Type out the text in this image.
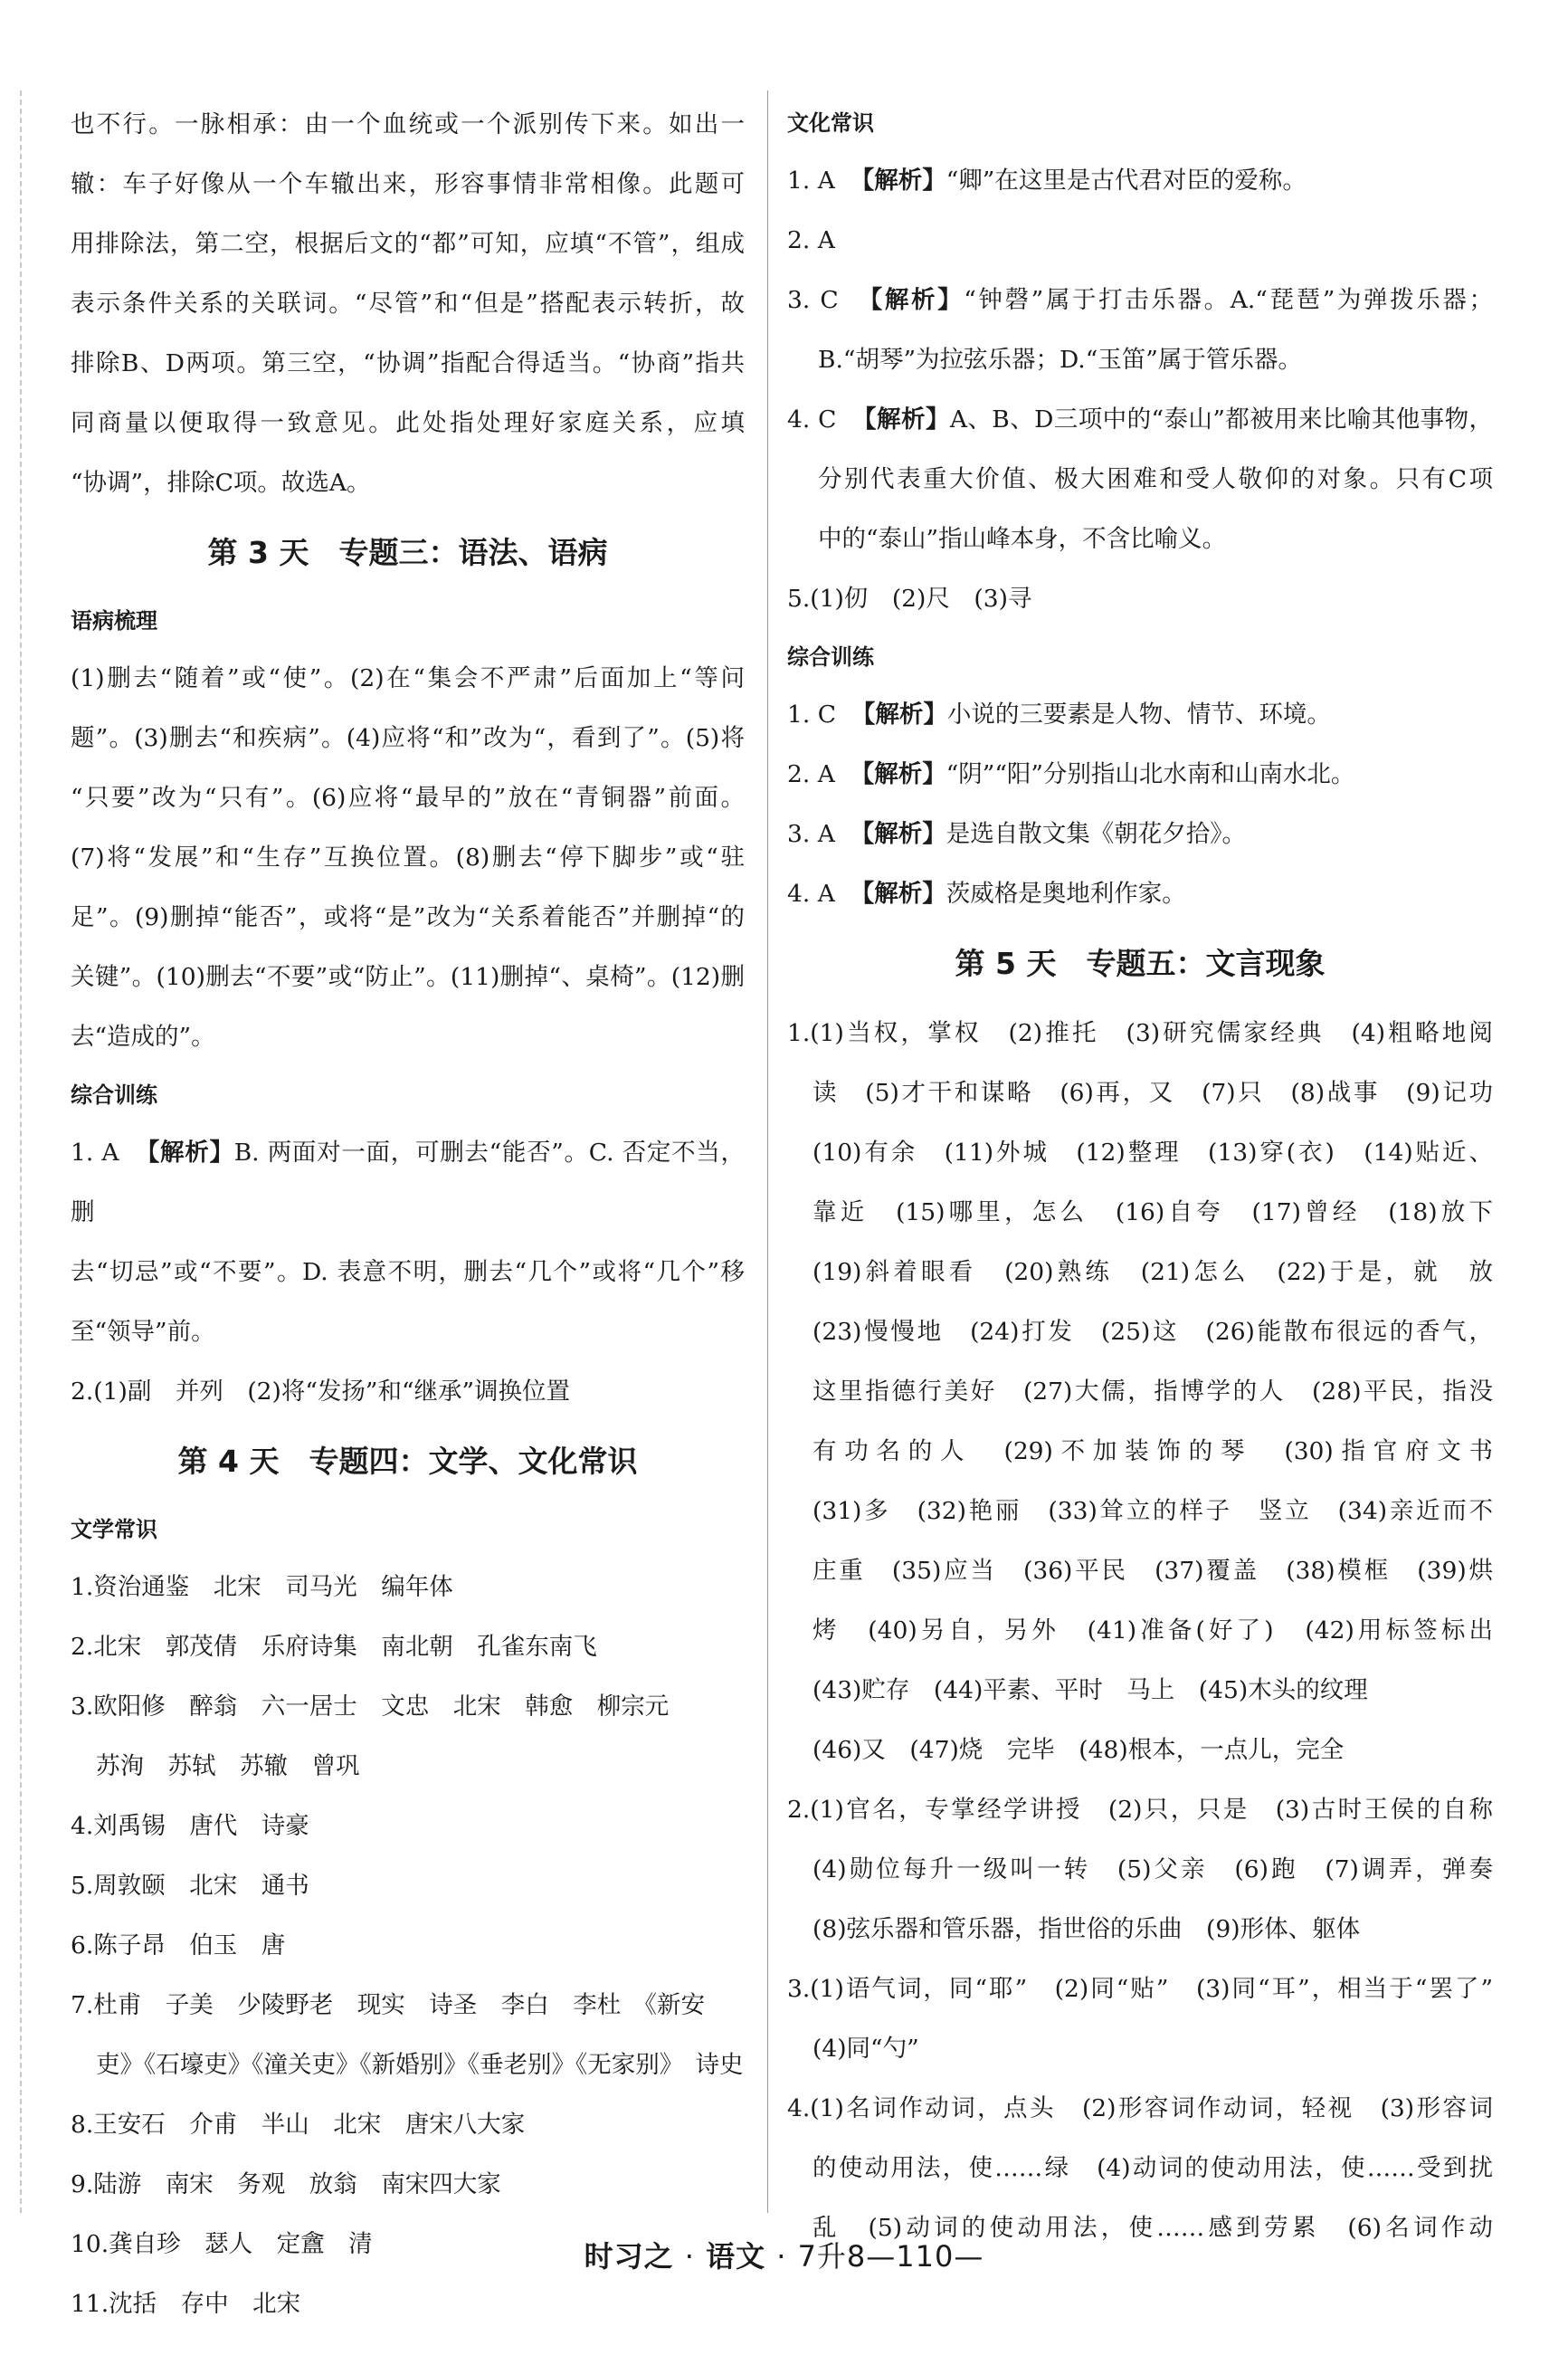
也不行。一脉相承：由一个血统或一个派别传下来。如出一

辙：车子好像从一个车辙出来，形容事情非常相像。此题可

用排除法，第二空，根据后文的“都”可知，应填“不管”，组成

表示条件关系的关联词。“尽管”和“但是”搭配表示转折，故

排除B、D两项。第三空，“协调”指配合得适当。“协商”指共

同商量以便取得一致意见。此处指处理好家庭关系，应填

“协调”，排除C项。故选A。

第 3 天　专题三：语法、语病

语病梳理

(1)删去“随着”或“使”。(2)在“集会不严肃”后面加上“等问

题”。(3)删去“和疾病”。(4)应将“和”改为“，看到了”。(5)将

“只要”改为“只有”。(6)应将“最早的”放在“青铜器”前面。

(7)将“发展”和“生存”互换位置。(8)删去“停下脚步”或“驻

足”。(9)删掉“能否”，或将“是”改为“关系着能否”并删掉“的

关键”。(10)删去“不要”或“防止”。(11)删掉“、桌椅”。(12)删

去“造成的”。

综合训练

1. A 【解析】B. 两面对一面，可删去“能否”。C. 否定不当，删

去“切忌”或“不要”。D. 表意不明，删去“几个”或将“几个”移

至“领导”前。

2.(1)副　并列　(2)将“发扬”和“继承”调换位置

第 4 天　专题四：文学、文化常识

文学常识

1.资治通鉴　北宋　司马光　编年体

2.北宋　郭茂倩　乐府诗集　南北朝　孔雀东南飞

3.欧阳修　醉翁　六一居士　文忠　北宋　韩愈　柳宗元

苏洵　苏轼　苏辙　曾巩

4.刘禹锡　唐代　诗豪

5.周敦颐　北宋　通书

6.陈子昂　伯玉　唐

7.杜甫　子美　少陵野老　现实　诗圣　李白　李杜　《新安

吏》《石壕吏》《潼关吏》《新婚别》《垂老别》《无家别》　诗史

8.王安石　介甫　半山　北宋　唐宋八大家

9.陆游　南宋　务观　放翁　南宋四大家

10.龚自珍　瑟人　定盦　清

11.沈括　存中　北宋

文化常识

1. A 【解析】“卿”在这里是古代君对臣的爱称。

2. A

3. C 【解析】“钟磬”属于打击乐器。A.“琵琶”为弹拨乐器；

B.“胡琴”为拉弦乐器；D.“玉笛”属于管乐器。

4. C 【解析】A、B、D三项中的“泰山”都被用来比喻其他事物，

分别代表重大价值、极大困难和受人敬仰的对象。只有C项

中的“泰山”指山峰本身，不含比喻义。

5.(1)仞　(2)尺　(3)寻

综合训练

1. C 【解析】小说的三要素是人物、情节、环境。

2. A 【解析】“阴”“阳”分别指山北水南和山南水北。

3. A 【解析】是选自散文集《朝花夕拾》。

4. A 【解析】茨威格是奥地利作家。

第 5 天　专题五：文言现象

1.(1)当权，掌权　(2)推托　(3)研究儒家经典　(4)粗略地阅

读　(5)才干和谋略　(6)再，又　(7)只　(8)战事　(9)记功

(10)有余　(11)外城　(12)整理　(13)穿(衣)　(14)贴近、

靠近　(15)哪里，怎么　(16)自夸　(17)曾经　(18)放下

(19)斜着眼看　(20)熟练　(21)怎么　(22)于是，就　放

(23)慢慢地　(24)打发　(25)这　(26)能散布很远的香气，

这里指德行美好　(27)大儒，指博学的人　(28)平民，指没

有功名的人　(29)不加装饰的琴　(30)指官府文书

(31)多　(32)艳丽　(33)耸立的样子　竖立　(34)亲近而不

庄重　(35)应当　(36)平民　(37)覆盖　(38)模框　(39)烘

烤　(40)另自，另外　(41)准备(好了)　(42)用标签标出

(43)贮存　(44)平素、平时　马上　(45)木头的纹理

(46)又　(47)烧　完毕　(48)根本，一点儿，完全

2.(1)官名，专掌经学讲授　(2)只，只是　(3)古时王侯的自称

(4)勋位每升一级叫一转　(5)父亲　(6)跑　(7)调弄，弹奏

(8)弦乐器和管乐器，指世俗的乐曲　(9)形体、躯体

3.(1)语气词，同“耶”　(2)同“贴”　(3)同“耳”，相当于“罢了”

(4)同“勺”

4.(1)名词作动词，点头　(2)形容词作动词，轻视　(3)形容词

的使动用法，使……绿　(4)动词的使动用法，使……受到扰

乱　(5)动词的使动用法，使……感到劳累　(6)名词作动

时习之 · 语文 · 7升8—110—
